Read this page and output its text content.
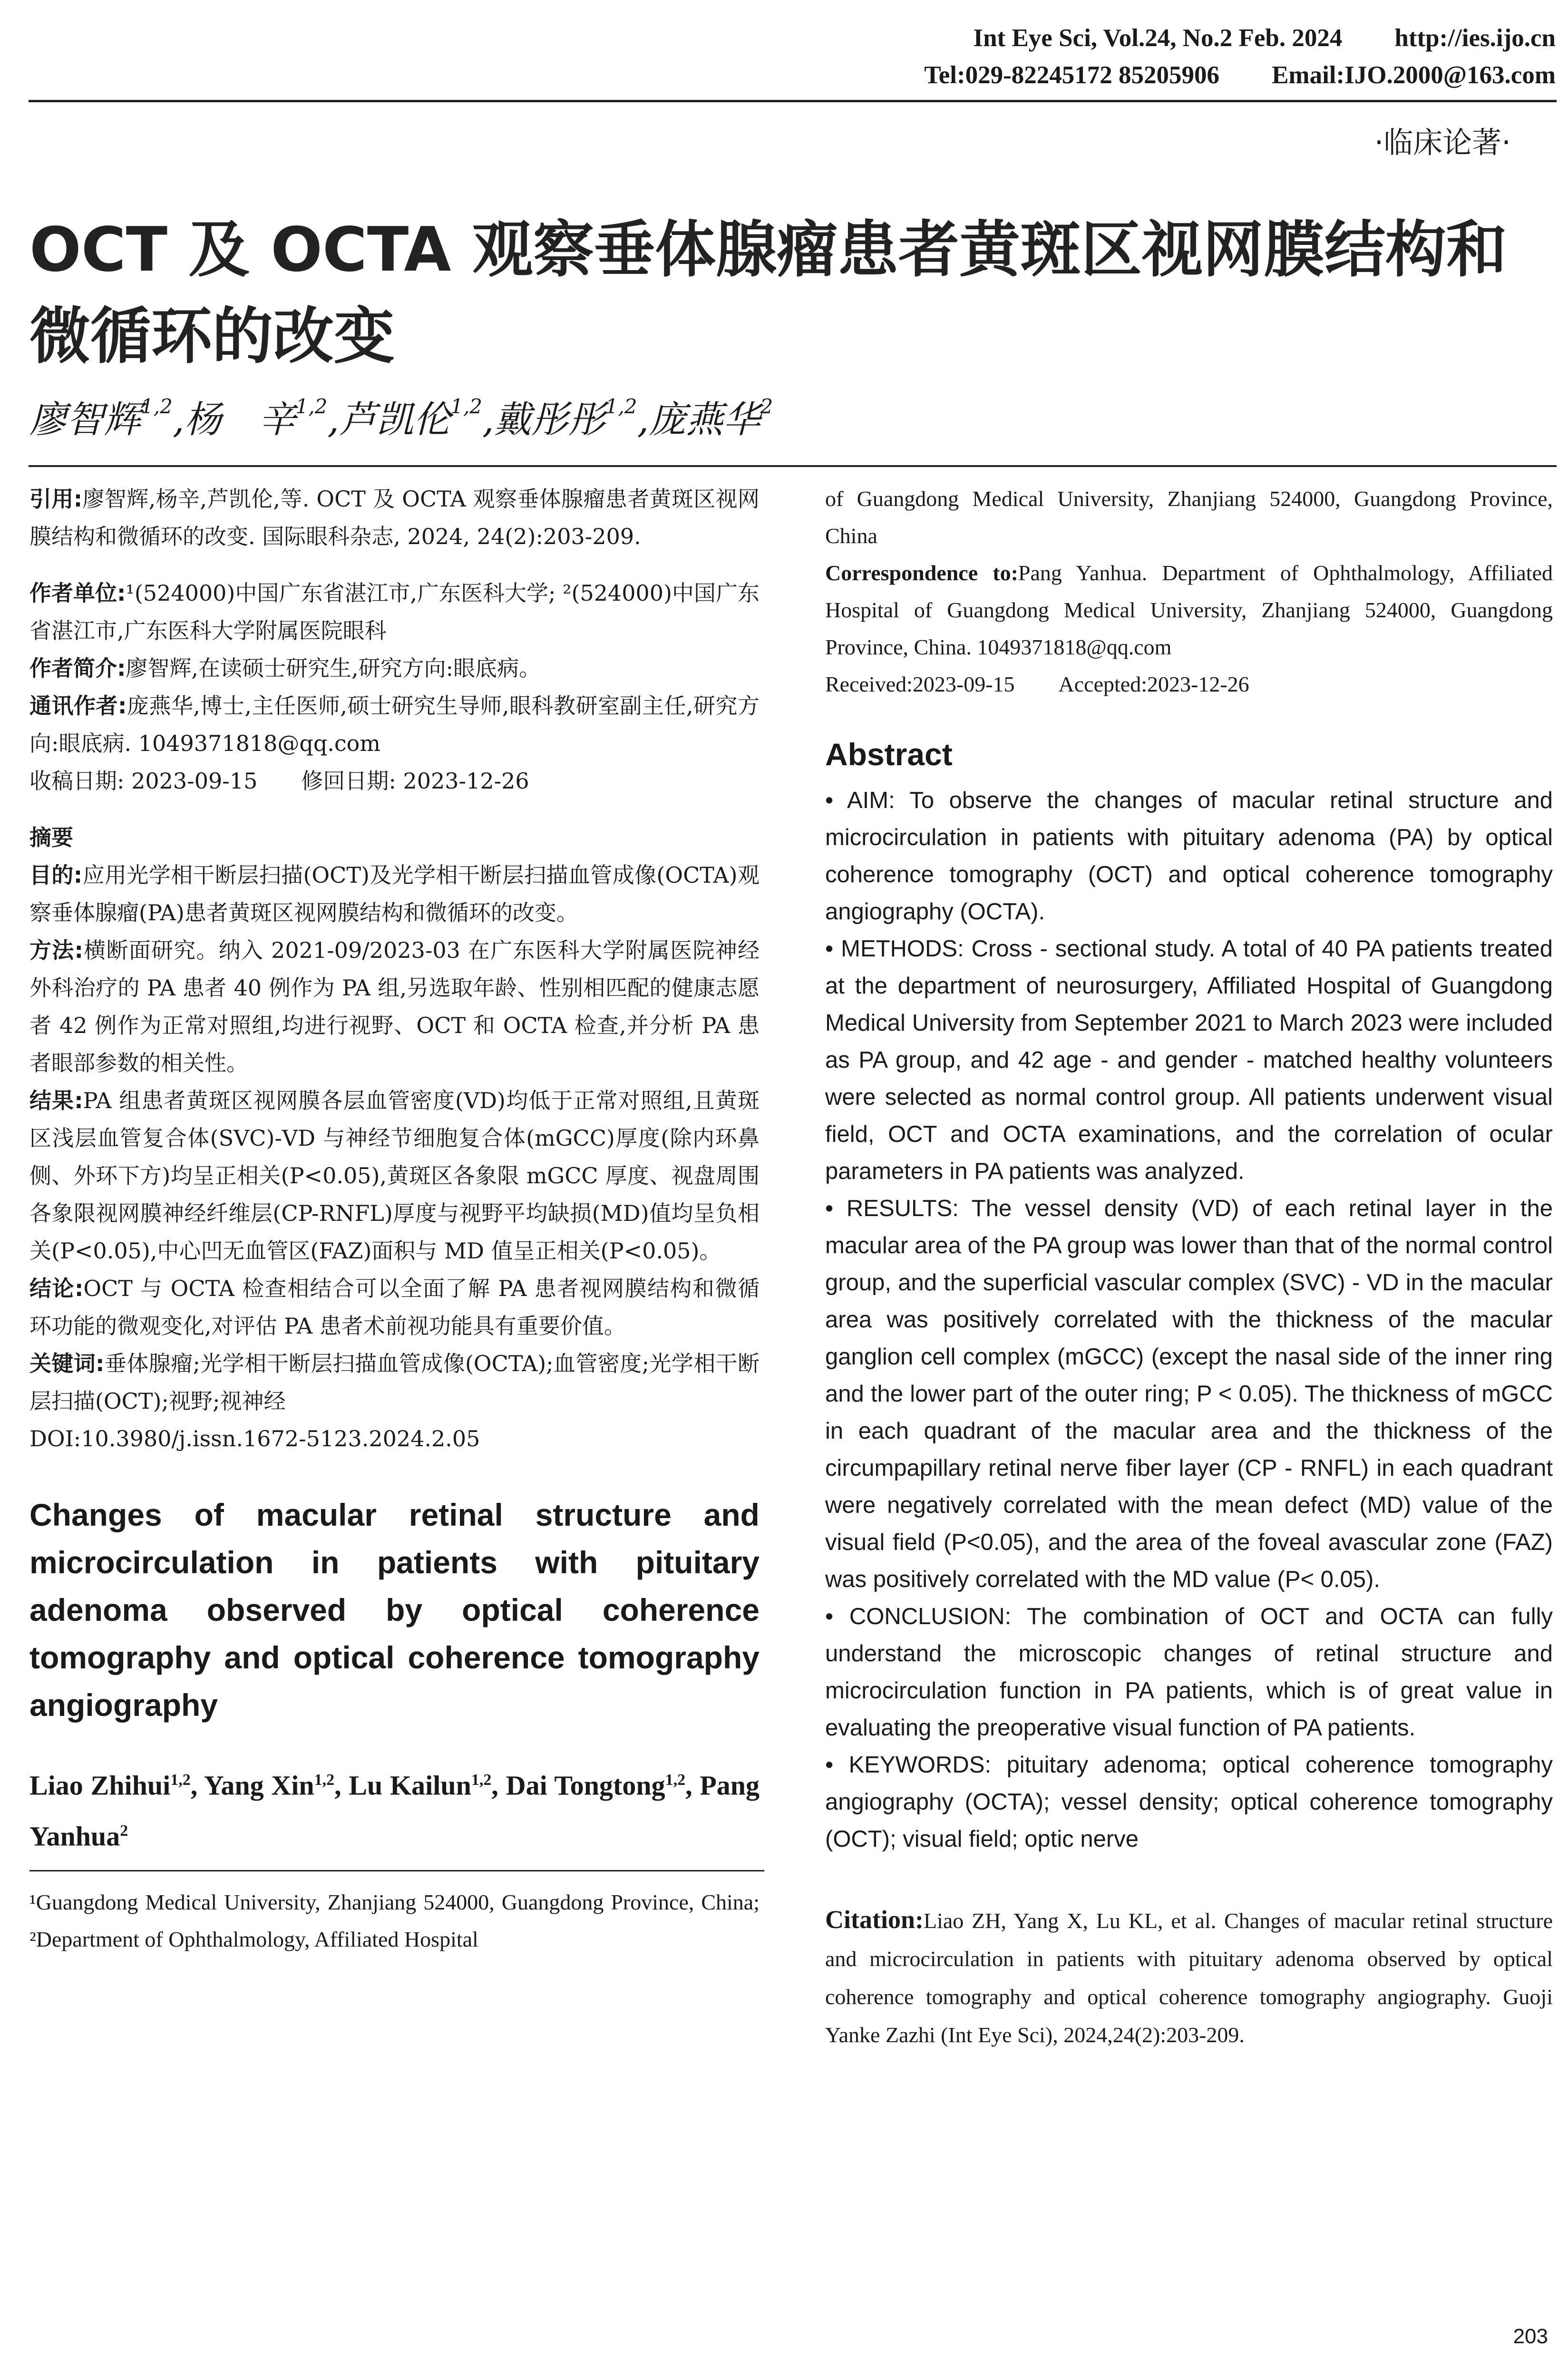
Int Eye Sci, Vol.24, No.2 Feb. 2024 http://ies.ijo.cn
Tel:029-82245172 85205906 Email:IJO.2000@163.com
·临床论著·
OCT 及 OCTA 观察垂体腺瘤患者黄斑区视网膜结构和微循环的改变
廖智辉$^{1,2}$,杨　辛$^{1,2}$,芦凯伦$^{1,2}$,戴彤彤$^{1,2}$,庞燕华$^2$

引用:廖智辉,杨辛,芦凯伦,等. OCT 及 OCTA 观察垂体腺瘤患者黄斑区视网膜结构和微循环的改变. 国际眼科杂志, 2024, 24(2):203-209.

作者单位:¹(524000)中国广东省湛江市,广东医科大学; ²(524000)中国广东省湛江市,广东医科大学附属医院眼科

作者简介:廖智辉,在读硕士研究生,研究方向:眼底病。

通讯作者:庞燕华,博士,主任医师,硕士研究生导师,眼科教研室副主任,研究方向:眼底病. 1049371818@qq.com

收稿日期: 2023-09-15　　修回日期: 2023-12-26

摘要

目的:应用光学相干断层扫描(OCT)及光学相干断层扫描血管成像(OCTA)观察垂体腺瘤(PA)患者黄斑区视网膜结构和微循环的改变。

方法:横断面研究。纳入 2021-09/2023-03 在广东医科大学附属医院神经外科治疗的 PA 患者 40 例作为 PA 组,另选取年龄、性别相匹配的健康志愿者 42 例作为正常对照组,均进行视野、OCT 和 OCTA 检查,并分析 PA 患者眼部参数的相关性。

结果:PA 组患者黄斑区视网膜各层血管密度(VD)均低于正常对照组,且黄斑区浅层血管复合体(SVC)-VD 与神经节细胞复合体(mGCC)厚度(除内环鼻侧、外环下方)均呈正相关(P<0.05),黄斑区各象限 mGCC 厚度、视盘周围各象限视网膜神经纤维层(CP-RNFL)厚度与视野平均缺损(MD)值均呈负相关(P<0.05),中心凹无血管区(FAZ)面积与 MD 值呈正相关(P<0.05)。

结论:OCT 与 OCTA 检查相结合可以全面了解 PA 患者视网膜结构和微循环功能的微观变化,对评估 PA 患者术前视功能具有重要价值。

关键词:垂体腺瘤;光学相干断层扫描血管成像(OCTA);血管密度;光学相干断层扫描(OCT);视野;视神经

DOI:10.3980/j.issn.1672-5123.2024.2.05

Changes of macular retinal structure and microcirculation in patients with pituitary adenoma observed by optical coherence tomography and optical coherence tomography angiography

Liao Zhihui$^{1,2}$, Yang Xin$^{1,2}$, Lu Kailun$^{1,2}$, Dai Tongtong$^{1,2}$, Pang Yanhua$^2$

¹Guangdong Medical University, Zhanjiang 524000, Guangdong Province, China; ²Department of Ophthalmology, Affiliated Hospital

of Guangdong Medical University, Zhanjiang 524000, Guangdong Province, China

Correspondence to:Pang Yanhua. Department of Ophthalmology, Affiliated Hospital of Guangdong Medical University, Zhanjiang 524000, Guangdong Province, China. 1049371818@qq.com

Received:2023-09-15　　Accepted:2023-12-26

Abstract

• AIM: To observe the changes of macular retinal structure and microcirculation in patients with pituitary adenoma (PA) by optical coherence tomography (OCT) and optical coherence tomography angiography (OCTA).

• METHODS: Cross - sectional study. A total of 40 PA patients treated at the department of neurosurgery, Affiliated Hospital of Guangdong Medical University from September 2021 to March 2023 were included as PA group, and 42 age - and gender - matched healthy volunteers were selected as normal control group. All patients underwent visual field, OCT and OCTA examinations, and the correlation of ocular parameters in PA patients was analyzed.

• RESULTS: The vessel density (VD) of each retinal layer in the macular area of the PA group was lower than that of the normal control group, and the superficial vascular complex (SVC) - VD in the macular area was positively correlated with the thickness of the macular ganglion cell complex (mGCC) (except the nasal side of the inner ring and the lower part of the outer ring; P < 0.05). The thickness of mGCC in each quadrant of the macular area and the thickness of the circumpapillary retinal nerve fiber layer (CP - RNFL) in each quadrant were negatively correlated with the mean defect (MD) value of the visual field (P<0.05), and the area of the foveal avascular zone (FAZ) was positively correlated with the MD value (P< 0.05).

• CONCLUSION: The combination of OCT and OCTA can fully understand the microscopic changes of retinal structure and microcirculation function in PA patients, which is of great value in evaluating the preoperative visual function of PA patients.

• KEYWORDS: pituitary adenoma; optical coherence tomography angiography (OCTA); vessel density; optical coherence tomography (OCT); visual field; optic nerve

Citation:Liao ZH, Yang X, Lu KL, et al. Changes of macular retinal structure and microcirculation in patients with pituitary adenoma observed by optical coherence tomography and optical coherence tomography angiography. Guoji Yanke Zazhi (Int Eye Sci), 2024,24(2):203-209.

203
